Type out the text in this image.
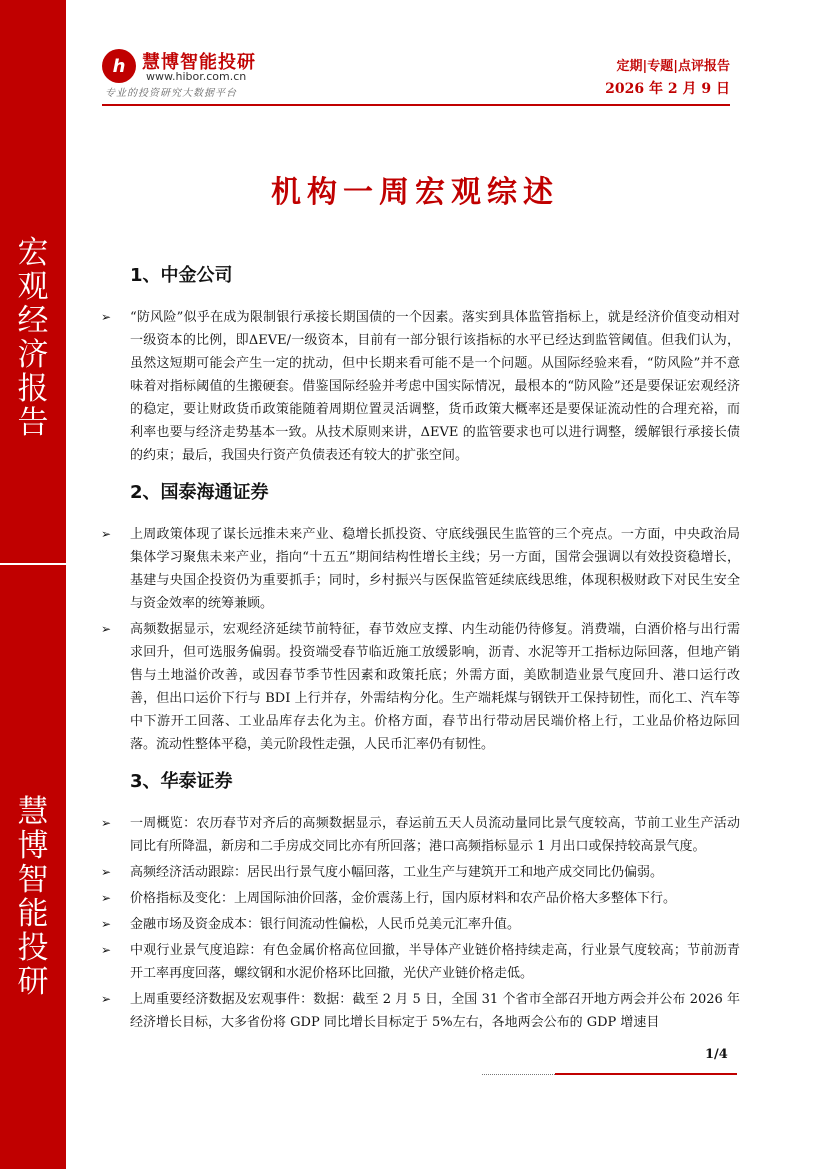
宏观经济报告
慧博智能投研
h 慧博智能投研
www.hibor.com.cn
专业的投资研究大数据平台
定期|专题|点评报告
2026 年 2 月 9 日
机构一周宏观综述
1、中金公司
➢ “防风险”似乎在成为限制银行承接长期国债的一个因素。落实到具体监管指标上，就是经济价值变动相对一级资本的比例，即ΔEVE/一级资本，目前有一部分银行该指标的水平已经达到监管阈值。但我们认为，虽然这短期可能会产生一定的扰动，但中长期来看可能不是一个问题。从国际经验来看，“防风险”并不意味着对指标阈值的生搬硬套。借鉴国际经验并考虑中国实际情况，最根本的“防风险”还是要保证宏观经济的稳定，要让财政货币政策能随着周期位置灵活调整，货币政策大概率还是要保证流动性的合理充裕，而利率也要与经济走势基本一致。从技术原则来讲，ΔEVE 的监管要求也可以进行调整，缓解银行承接长债的约束；最后，我国央行资产负债表还有较大的扩张空间。
2、国泰海通证券
➢ 上周政策体现了谋长远推未来产业、稳增长抓投资、守底线强民生监管的三个亮点。一方面，中央政治局集体学习聚焦未来产业，指向“十五五”期间结构性增长主线；另一方面，国常会强调以有效投资稳增长，基建与央国企投资仍为重要抓手；同时，乡村振兴与医保监管延续底线思维，体现积极财政下对民生安全与资金效率的统筹兼顾。
➢ 高频数据显示，宏观经济延续节前特征，春节效应支撑、内生动能仍待修复。消费端，白酒价格与出行需求回升，但可选服务偏弱。投资端受春节临近施工放缓影响，沥青、水泥等开工指标边际回落，但地产销售与土地溢价改善，或因春节季节性因素和政策托底；外需方面，美欧制造业景气度回升、港口运行改善，但出口运价下行与 BDI 上行并存，外需结构分化。生产端耗煤与钢铁开工保持韧性，而化工、汽车等中下游开工回落、工业品库存去化为主。价格方面，春节出行带动居民端价格上行，工业品价格边际回落。流动性整体平稳，美元阶段性走强，人民币汇率仍有韧性。
3、华泰证券
➢ 一周概览：农历春节对齐后的高频数据显示，春运前五天人员流动量同比景气度较高，节前工业生产活动同比有所降温，新房和二手房成交同比亦有所回落；港口高频指标显示 1 月出口或保持较高景气度。
➢ 高频经济活动跟踪：居民出行景气度小幅回落，工业生产与建筑开工和地产成交同比仍偏弱。
➢ 价格指标及变化：上周国际油价回落，金价震荡上行，国内原材料和农产品价格大多整体下行。
➢ 金融市场及资金成本：银行间流动性偏松，人民币兑美元汇率升值。
➢ 中观行业景气度追踪：有色金属价格高位回撤，半导体产业链价格持续走高，行业景气度较高；节前沥青开工率再度回落，螺纹钢和水泥价格环比回撤，光伏产业链价格走低。
➢ 上周重要经济数据及宏观事件：数据：截至 2 月 5 日，全国 31 个省市全部召开地方两会并公布 2026 年经济增长目标，大多省份将 GDP 同比增长目标定于 5%左右，各地两会公布的 GDP 增速目
1/4
